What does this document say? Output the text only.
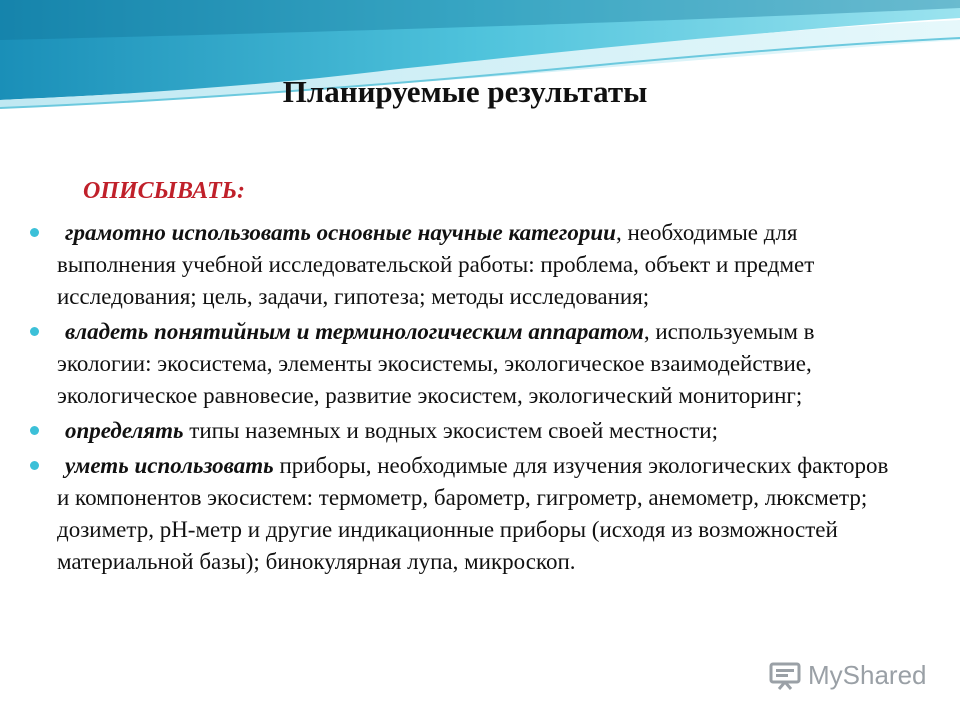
Планируемые результаты
ОПИСЫВАТЬ:
грамотно использовать основные научные категории, необходимые для выполнения учебной исследовательской работы: проблема, объект и предмет исследования; цель, задачи, гипотеза; методы исследования;
владеть понятийным и терминологическим аппаратом, используемым в экологии: экосистема, элементы экосистемы, экологическое взаимодействие, экологическое равновесие, развитие экосистем, экологический мониторинг;
определять типы наземных и водных экосистем своей местности;
уметь использовать приборы, необходимые для изучения экологических факторов и компонентов экосистем: термометр, барометр, гигрометр, анемометр, люксметр; дозиметр, pH-метр и другие индикационные приборы (исходя из возможностей материальной базы); бинокулярная лупа, микроскоп.
MyShared
